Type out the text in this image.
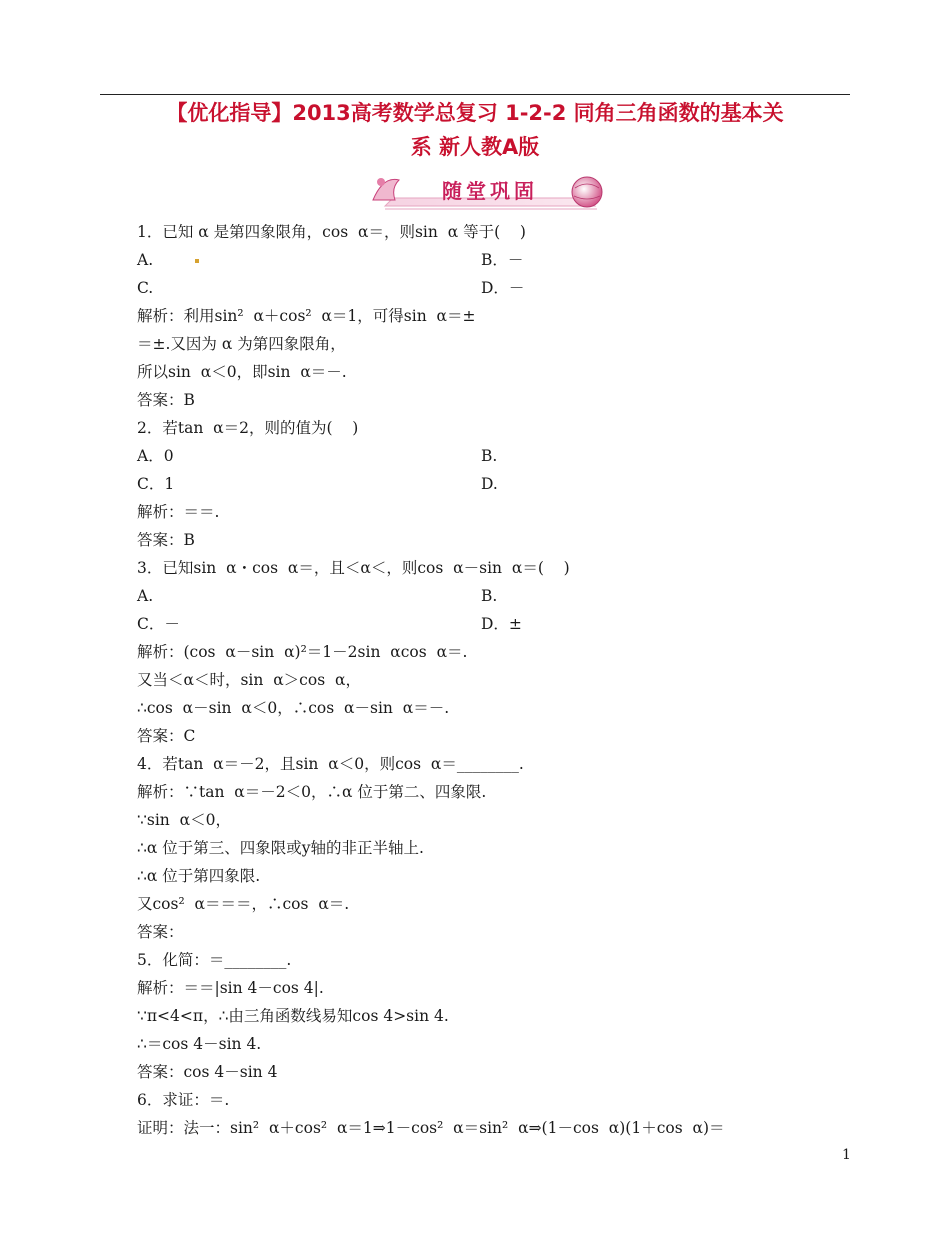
【优化指导】2013高考数学总复习 1-2-2 同角三角函数的基本关
系 新人教A版
随堂巩固
1．已知 α 是第四象限角，cos  α＝，则sin  α 等于(    )
A.	B．－
C.	D．－
解析：利用sin²  α＋cos²  α＝1，可得sin  α＝±
＝±.又因为 α 为第四象限角，
所以sin  α＜0，即sin  α＝－.
答案：B
2．若tan  α＝2，则的值为(    )
A．0	B.
C．1	D.
解析：＝＝.
答案：B
3．已知sin  α・cos  α＝，且＜α＜，则cos  α－sin  α＝(    )
A.	B.
C．－	D．±
解析：(cos  α－sin  α)²＝1－2sin  αcos  α＝.
又当＜α＜时，sin  α＞cos  α，
∴cos  α－sin  α＜0，∴cos  α－sin  α＝－.
答案：C
4．若tan  α＝－2，且sin  α＜0，则cos  α＝________.
解析：∵tan  α＝－2＜0，∴α 位于第二、四象限.
∵sin  α＜0，
∴α 位于第三、四象限或y轴的非正半轴上.
∴α 位于第四象限.
又cos²  α＝＝＝，∴cos  α＝.
答案：
5．化简：＝________.
解析：＝＝|sin 4－cos 4|.
∵π<4<π，∴由三角函数线易知cos 4>sin 4.
∴＝cos 4－sin 4.
答案：cos 4－sin 4
6．求证：＝.
证明：法一：sin²  α＋cos²  α＝1⇒1－cos²  α＝sin²  α⇒(1－cos  α)(1＋cos  α)＝
1
